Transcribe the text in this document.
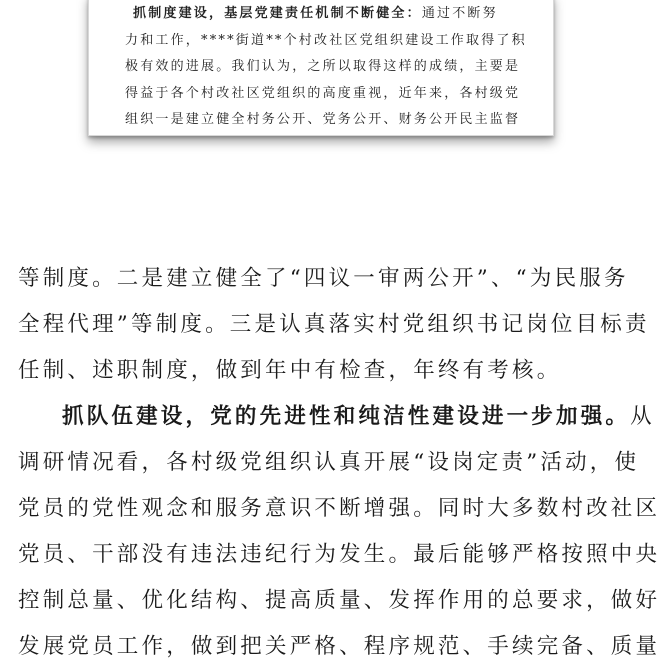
抓制度建设，基层党建责任机制不断健全：通过不断努
力和工作，****街道**个村改社区党组织建设工作取得了积
极有效的进展。我们认为，之所以取得这样的成绩，主要是
得益于各个村改社区党组织的高度重视，近年来，各村级党
组织一是建立健全村务公开、党务公开、财务公开民主监督
等制度。二是建立健全了“四议一审两公开”、“为民服务
全程代理”等制度。三是认真落实村党组织书记岗位目标责
任制、述职制度，做到年中有检查，年终有考核。
抓队伍建设，党的先进性和纯洁性建设进一步加强。从
调研情况看，各村级党组织认真开展“设岗定责”活动，使
党员的党性观念和服务意识不断增强。同时大多数村改社区
党员、干部没有违法违纪行为发生。最后能够严格按照中央
控制总量、优化结构、提高质量、发挥作用的总要求，做好
发展党员工作，做到把关严格、程序规范、手续完备、质量
